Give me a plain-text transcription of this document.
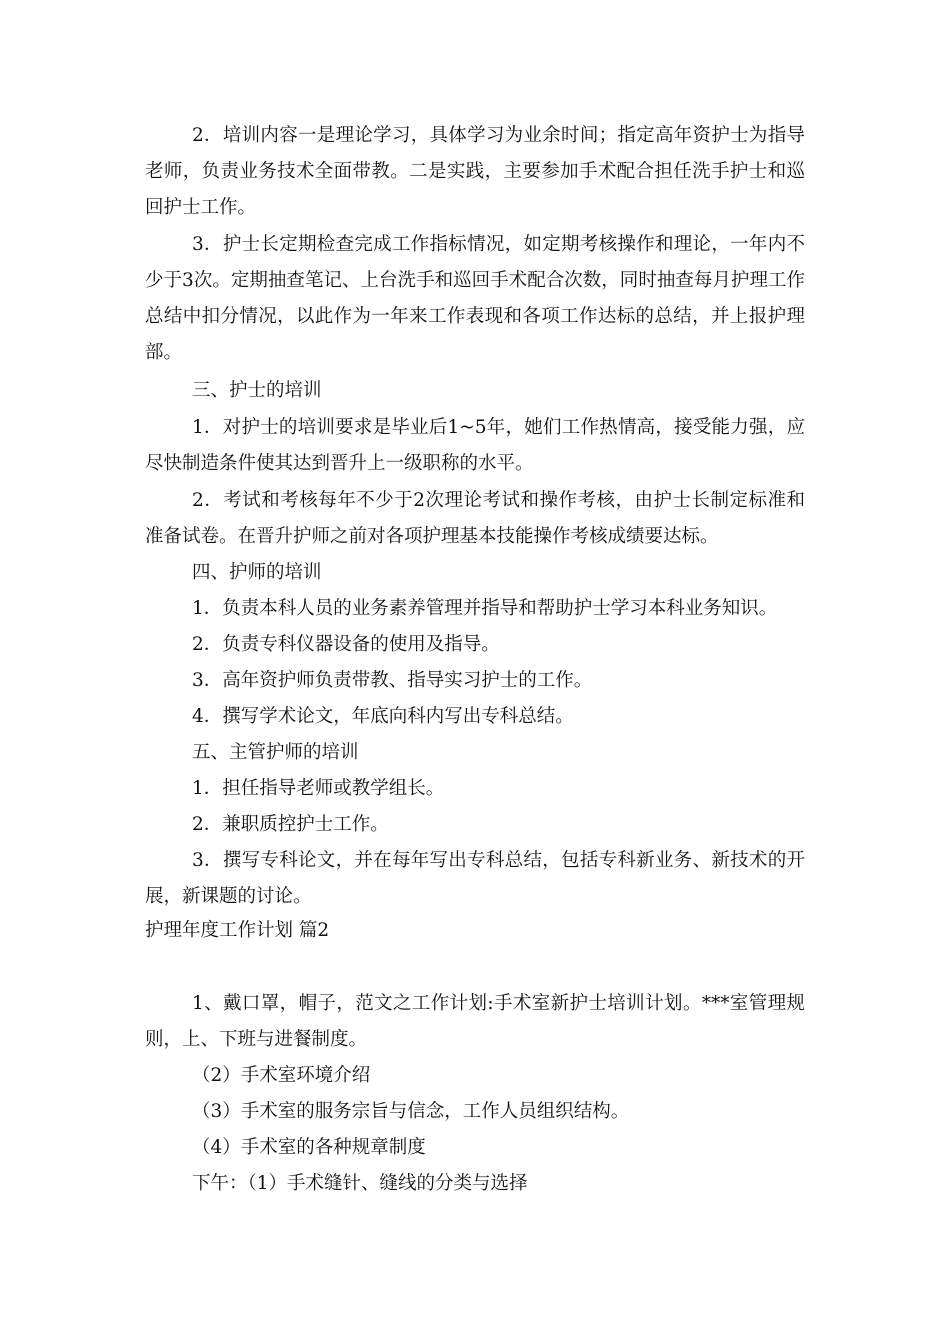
2．培训内容一是理论学习，具体学习为业余时间；指定高年资护士为指导老师，负责业务技术全面带教。二是实践，主要参加手术配合担任洗手护士和巡回护士工作。

3．护士长定期检查完成工作指标情况，如定期考核操作和理论，一年内不少于3次。定期抽查笔记、上台洗手和巡回手术配合次数，同时抽查每月护理工作总结中扣分情况，以此作为一年来工作表现和各项工作达标的总结，并上报护理部。

三、护士的培训

1．对护士的培训要求是毕业后1~5年，她们工作热情高，接受能力强，应尽快制造条件使其达到晋升上一级职称的水平。

2．考试和考核每年不少于2次理论考试和操作考核，由护士长制定标准和准备试卷。在晋升护师之前对各项护理基本技能操作考核成绩要达标。

四、护师的培训

1．负责本科人员的业务素养管理并指导和帮助护士学习本科业务知识。

2．负责专科仪器设备的使用及指导。

3．高年资护师负责带教、指导实习护士的工作。

4．撰写学术论文，年底向科内写出专科总结。

五、主管护师的培训

1．担任指导老师或教学组长。

2．兼职质控护士工作。

3．撰写专科论文，并在每年写出专科总结，包括专科新业务、新技术的开展，新课题的讨论。

护理年度工作计划 篇2

1、戴口罩，帽子，范文之工作计划:手术室新护士培训计划。***室管理规则，上、下班与进餐制度。

（2）手术室环境介绍

（3）手术室的服务宗旨与信念，工作人员组织结构。

（4）手术室的各种规章制度

下午：（1）手术缝针、缝线的分类与选择
